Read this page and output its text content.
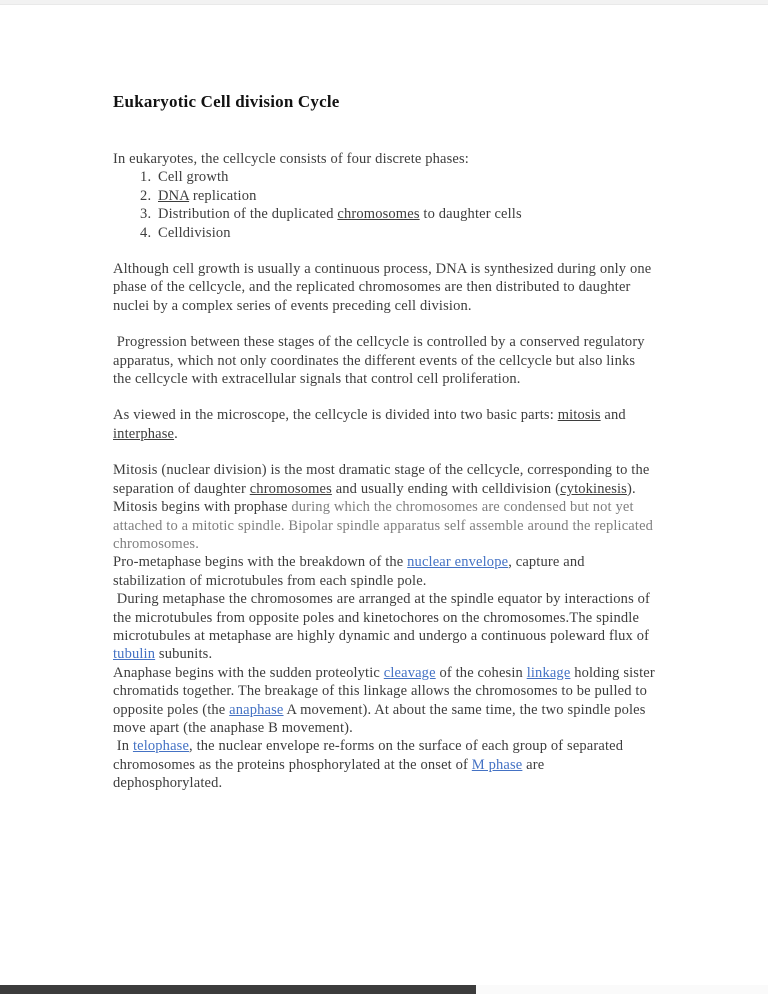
Eukaryotic Cell division Cycle

In eukaryotes, the cellcycle consists of four discrete phases:

1. Cell growth
2. DNA replication
3. Distribution of the duplicated chromosomes to daughter cells
4. Celldivision

Although cell growth is usually a continuous process, DNA is synthesized during only one phase of the cellcycle, and the replicated chromosomes are then distributed to daughter nuclei by a complex series of events preceding cell division.

Progression between these stages of the cellcycle is controlled by a conserved regulatory apparatus, which not only coordinates the different events of the cellcycle but also links the cellcycle with extracellular signals that control cell proliferation.

As viewed in the microscope, the cellcycle is divided into two basic parts: mitosis and interphase.

Mitosis (nuclear division) is the most dramatic stage of the cellcycle, corresponding to the separation of daughter chromosomes and usually ending with celldivision (cytokinesis).

Mitosis begins with prophase during which the chromosomes are condensed but not yet attached to a mitotic spindle. Bipolar spindle apparatus self assemble around the replicated chromosomes.

Pro-metaphase begins with the breakdown of the nuclear envelope, capture and stabilization of microtubules from each spindle pole.

During metaphase the chromosomes are arranged at the spindle equator by interactions of the microtubules from opposite poles and kinetochores on the chromosomes.The spindle microtubules at metaphase are highly dynamic and undergo a continuous poleward flux of tubulin subunits.

Anaphase begins with the sudden proteolytic cleavage of the cohesin linkage holding sister chromatids together. The breakage of this linkage allows the chromosomes to be pulled to opposite poles (the anaphase A movement). At about the same time, the two spindle poles move apart (the anaphase B movement).

In telophase, the nuclear envelope re-forms on the surface of each group of separated chromosomes as the proteins phosphorylated at the onset of M phase are dephosphorylated.
